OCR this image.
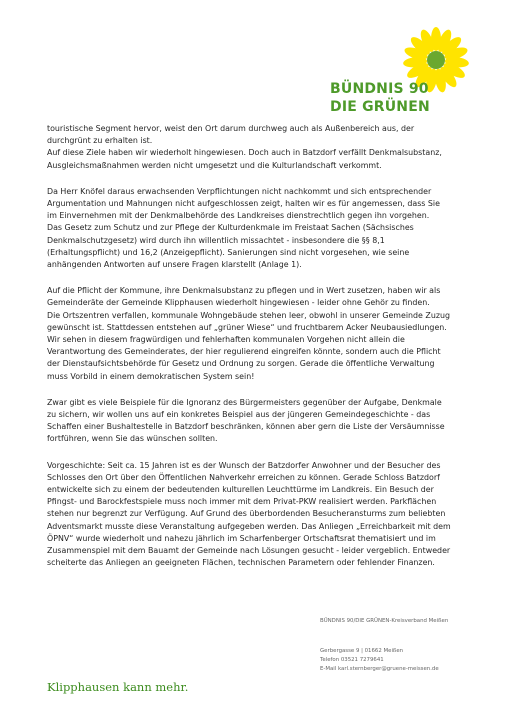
BÜNDNIS 90
DIE GRÜNEN

touristische Segment hervor, weist den Ort darum durchweg auch als Außenbereich aus, der
durchgrünt zu erhalten ist.
Auf diese Ziele haben wir wiederholt hingewiesen. Doch auch in Batzdorf verfällt Denkmalsubstanz,
Ausgleichsmaßnahmen werden nicht umgesetzt und die Kulturlandschaft verkommt.

Da Herr Knöfel daraus erwachsenden Verpflichtungen nicht nachkommt und sich entsprechender
Argumentation und Mahnungen nicht aufgeschlossen zeigt, halten wir es für angemessen, dass Sie
im Einvernehmen mit der Denkmalbehörde des Landkreises dienstrechtlich gegen ihn vorgehen.
Das Gesetz zum Schutz und zur Pflege der Kulturdenkmale im Freistaat Sachen (Sächsisches
Denkmalschutzgesetz) wird durch ihn willentlich missachtet - insbesondere die §§ 8,1
(Erhaltungspflicht) und 16,2 (Anzeigepflicht). Sanierungen sind nicht vorgesehen, wie seine
anhängenden Antworten auf unsere Fragen klarstellt (Anlage 1).

Auf die Pflicht der Kommune, ihre Denkmalsubstanz zu pflegen und in Wert zusetzen, haben wir als
Gemeinderäte der Gemeinde Klipphausen wiederholt hingewiesen - leider ohne Gehör zu finden.
Die Ortszentren verfallen, kommunale Wohngebäude stehen leer, obwohl in unserer Gemeinde Zuzug
gewünscht ist. Stattdessen entstehen auf „grüner Wiese“ und fruchtbarem Acker Neubausiedlungen.
Wir sehen in diesem fragwürdigen und fehlerhaften kommunalen Vorgehen nicht allein die
Verantwortung des Gemeinderates, der hier regulierend eingreifen könnte, sondern auch die Pflicht
der Dienstaufsichtsbehörde für Gesetz und Ordnung zu sorgen. Gerade die öffentliche Verwaltung
muss Vorbild in einem demokratischen System sein!

Zwar gibt es viele Beispiele für die Ignoranz des Bürgermeisters gegenüber der Aufgabe, Denkmale
zu sichern, wir wollen uns auf ein konkretes Beispiel aus der jüngeren Gemeindegeschichte - das
Schaffen einer Bushaltestelle in Batzdorf beschränken, können aber gern die Liste der Versäumnisse
fortführen, wenn Sie das wünschen sollten.

Vorgeschichte: Seit ca. 15 Jahren ist es der Wunsch der Batzdorfer Anwohner und der Besucher des
Schlosses den Ort über den Öffentlichen Nahverkehr erreichen zu können. Gerade Schloss Batzdorf
entwickelte sich zu einem der bedeutenden kulturellen Leuchttürme im Landkreis. Ein Besuch der
Pfingst- und Barockfestspiele muss noch immer mit dem Privat-PKW realisiert werden. Parkflächen
stehen nur begrenzt zur Verfügung. Auf Grund des überbordenden Besucheransturms zum beliebten
Adventsmarkt musste diese Veranstaltung aufgegeben werden. Das Anliegen „Erreichbarkeit mit dem
ÖPNV“ wurde wiederholt und nahezu jährlich im Scharfenberger Ortschaftsrat thematisiert und im
Zusammenspiel mit dem Bauamt der Gemeinde nach Lösungen gesucht - leider vergeblich. Entweder
scheiterte das Anliegen an geeigneten Flächen, technischen Parametern oder fehlender Finanzen.

BÜNDNIS 90/DIE GRÜNEN-Kreisverband Meißen
Gerbergasse 9 | 01662 Meißen
Telefon 03521 7279641
E-Mail karl.sternberger@gruene-meissen.de
Klipphausen kann mehr.
